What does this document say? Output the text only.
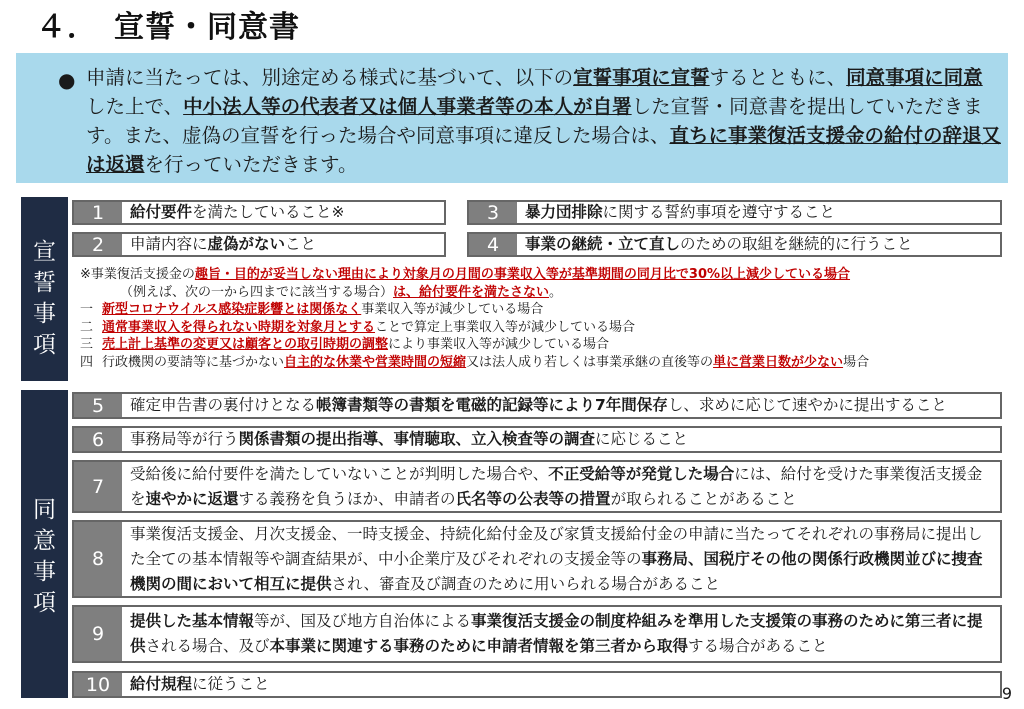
４．　宣誓・同意書
● 申請に当たっては、別途定める様式に基づいて、以下の宣誓事項に宣誓するとともに、同意事項に同意した上で、中小法人等の代表者又は個人事業者等の本人が自署した宣誓・同意書を提出していただきます。また、虚偽の宣誓を行った場合や同意事項に違反した場合は、直ちに事業復活支援金の給付の辞退又は返還を行っていただきます。
宣
誓
事
項
同
意
事
項
1	給付要件を満たしていること※
2	申請内容に虚偽がないこと
3	暴力団排除に関する誓約事項を遵守すること
4	事業の継続・立て直しのための取組を継続的に行うこと
※事業復活支援金の 趣旨・目的が妥当しない理由により対象月の月間の事業収入等が基準期間の同月比で30%以上減少している場合
（例えば、次の一から四までに該当する場合） は、給付要件を満たさない 。
一 新型コロナウイルス感染症影響とは関係なく事業収入等が減少している場合
二 通常事業収入を得られない時期を対象月とすることで算定上事業収入等が減少している場合
三 売上計上基準の変更又は顧客との取引時期の調整により事業収入等が減少している場合
四 行政機関の要請等に基づかない自主的な休業や営業時間の短縮又は法人成り若しくは事業承継の直後等の単に営業日数が少ない場合
5	確定申告書の裏付けとなる帳簿書類等の書類を電磁的記録等により7年間保存し、求めに応じて速やかに提出すること
6	事務局等が行う関係書類の提出指導、事情聴取、立入検査等の調査に応じること
7
受給後に給付要件を満たしていないことが判明した場合や、不正受給等が発覚した場合には、給付を受けた事業復活支援金を速やかに返還する義務を負うほか、申請者の氏名等の公表等の措置が取られることがあること
8
事業復活支援金、月次支援金、一時支援金、持続化給付金及び家賃支援給付金の申請に当たってそれぞれの事務局に提出した全ての基本情報等や調査結果が、中小企業庁及びそれぞれの支援金等の事務局、国税庁その他の関係行政機関並びに捜査機関の間において相互に提供され、審査及び調査のために用いられる場合があること
9
提供した基本情報等が、国及び地方自治体による事業復活支援金の制度枠組みを準用した支援策の事務のために第三者に提供される場合、及び本事業に関連する事務のために申請者情報を第三者から取得する場合があること
10	給付規程に従うこと	9
